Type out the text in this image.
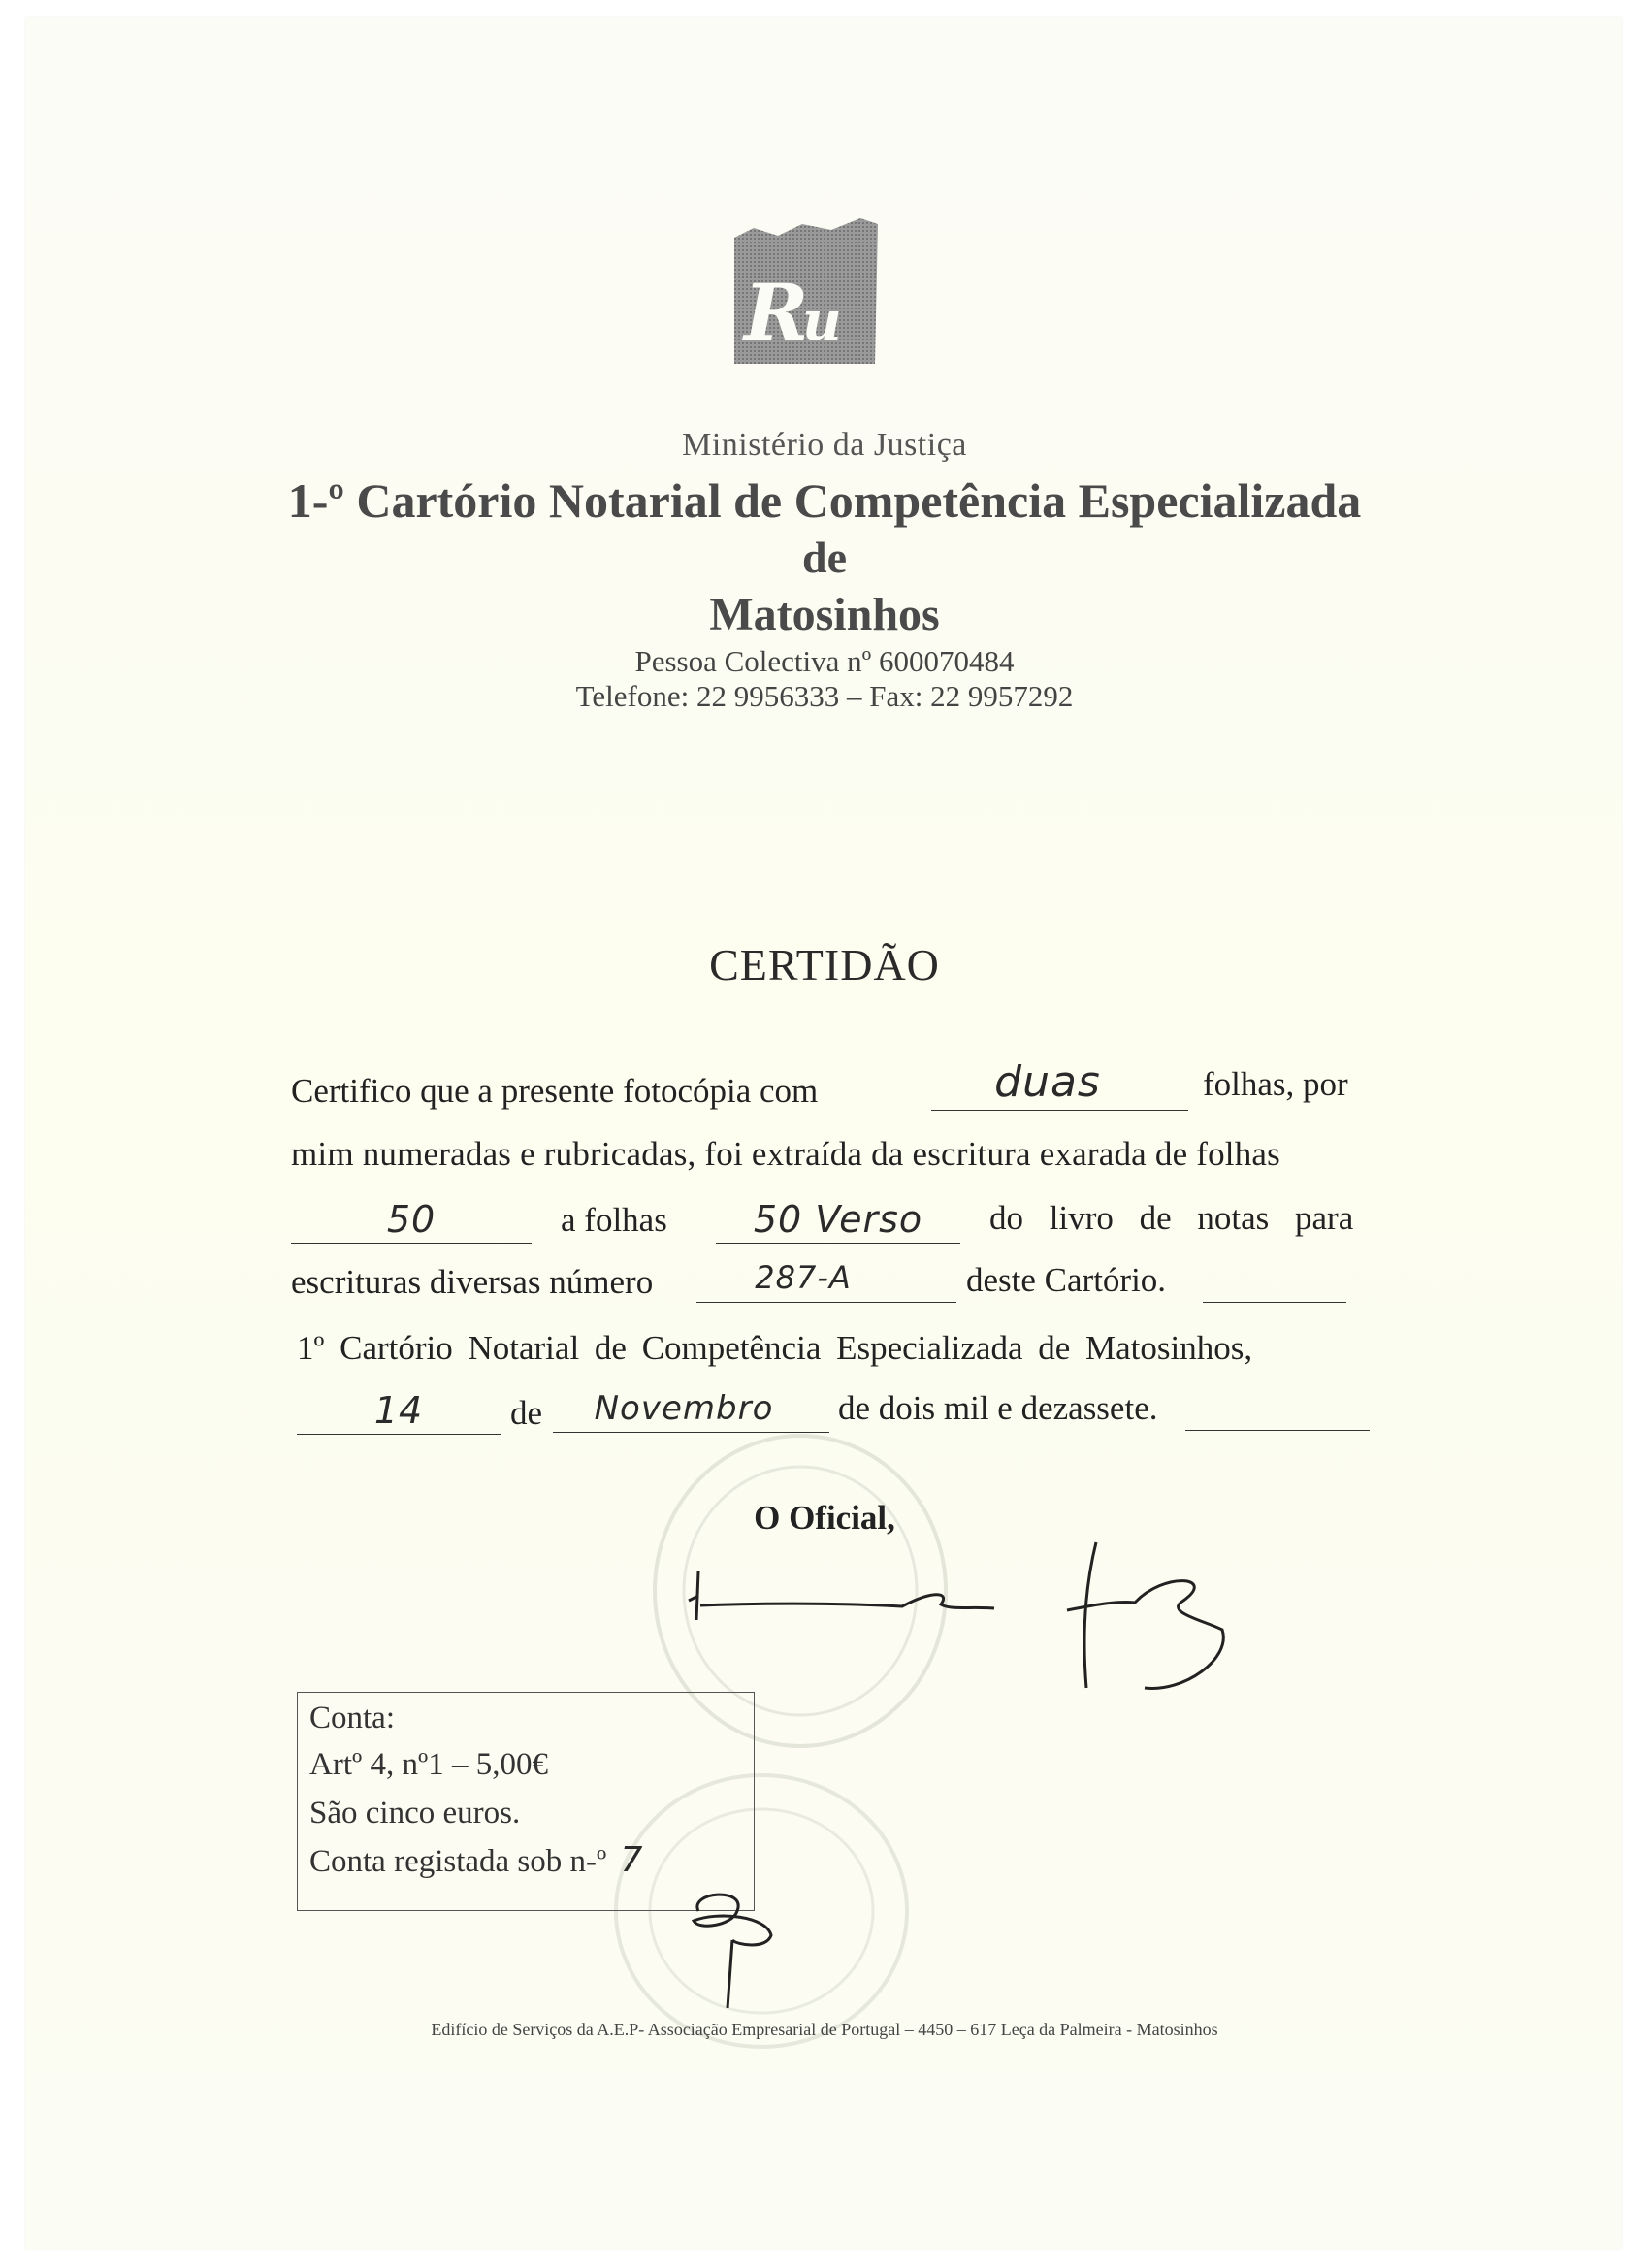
R
u
Ministério da Justiça
1-º Cartório Notarial de Competência Especializada
de
Matosinhos
Pessoa Colectiva nº 600070484
Telefone: 22 9956333 – Fax: 22 9957292
CERTIDÃO
Certifico que a presente fotocópia com	duas	folhas, por
mim numeradas e rubricadas, foi extraída da escritura exarada de folhas
50	a folhas	50 Verso	do livro de notas para
escrituras diversas número	287-A	deste Cartório.
1º Cartório Notarial de Competência Especializada de Matosinhos,
14	de	Novembro	de dois mil e dezassete.
O Oficial,
Conta:
Artº 4, nº1 – 5,00€
São cinco euros.
Conta registada sob n-º 7
Edifício de Serviços da A.E.P- Associação Empresarial de Portugal – 4450 – 617 Leça da Palmeira - Matosinhos
